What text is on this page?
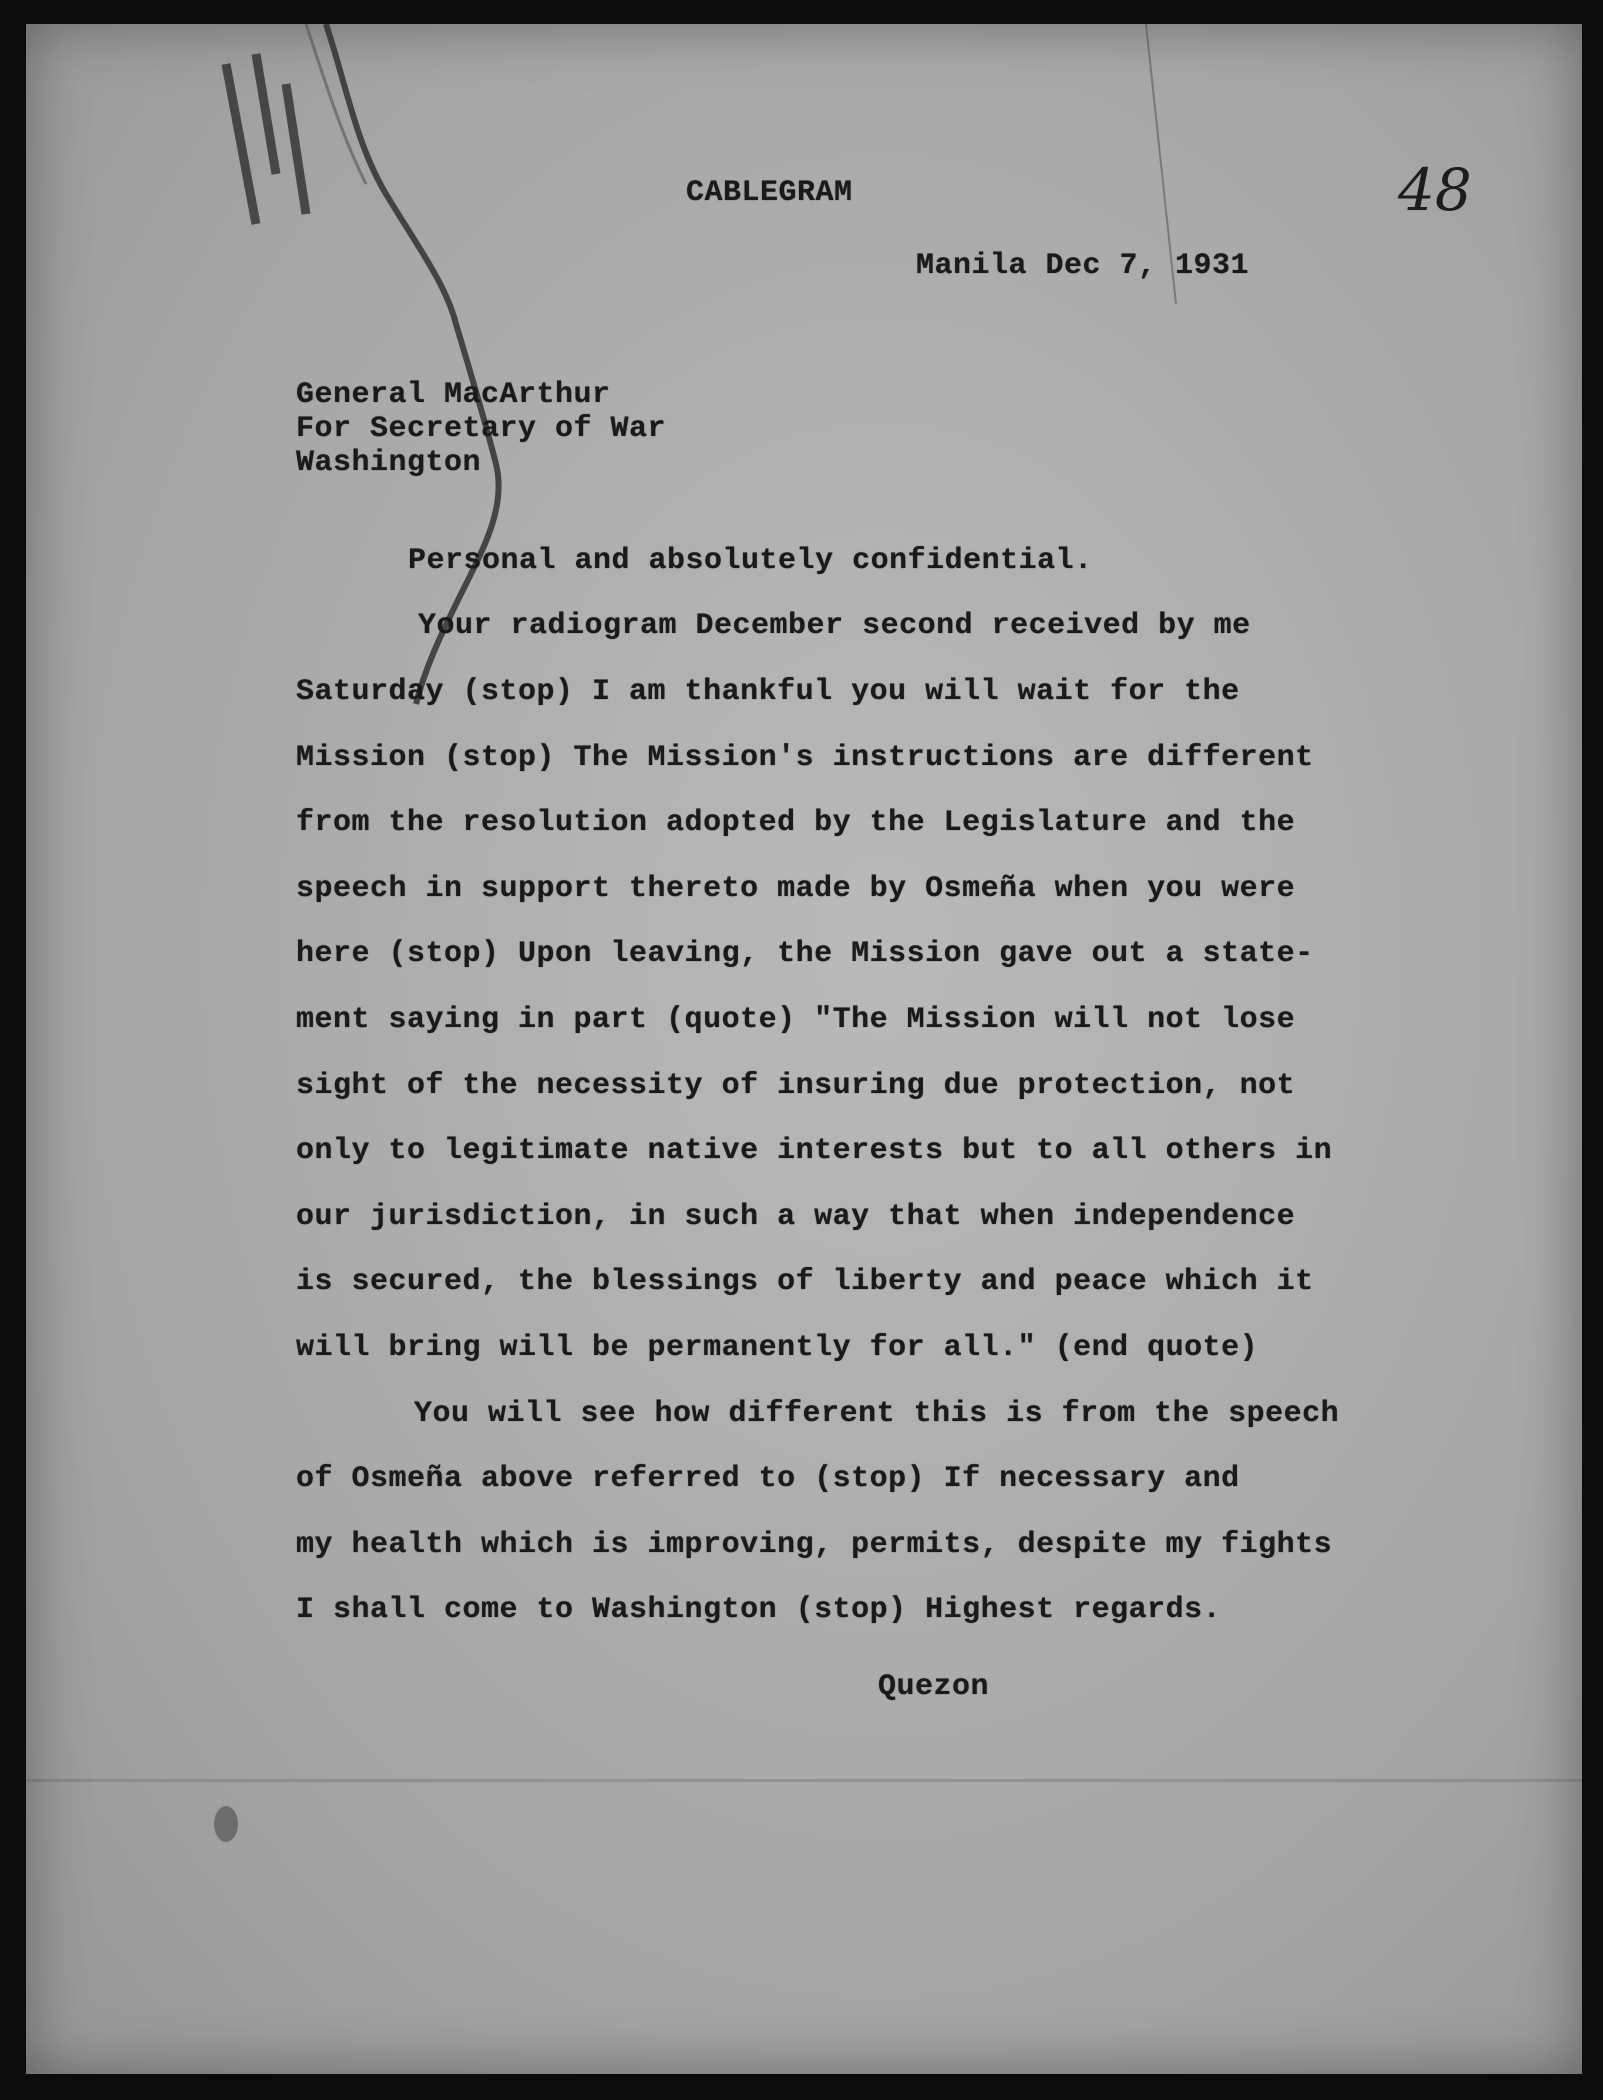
48

CABLEGRAM

Manila Dec 7, 1931

General MacArthur

For Secretary of War

Washington

Personal and absolutely confidential.

Your radiogram December second received by me

Saturday (stop) I am thankful you will wait for the

Mission (stop) The Mission's instructions are different

from the resolution adopted by the Legislature and the

speech in support thereto made by Osmeña when you were

here (stop) Upon leaving, the Mission gave out a state-

ment saying in part (quote) "The Mission will not lose

sight of the necessity of insuring due protection, not

only to legitimate native interests but to all others in

our jurisdiction, in such a way that when independence

is secured, the blessings of liberty and peace which it

will bring will be permanently for all." (end quote)

You will see how different this is from the speech

of Osmeña above referred to (stop) If necessary and

my health which is improving, permits, despite my fights

I shall come to Washington (stop) Highest regards.

Quezon
